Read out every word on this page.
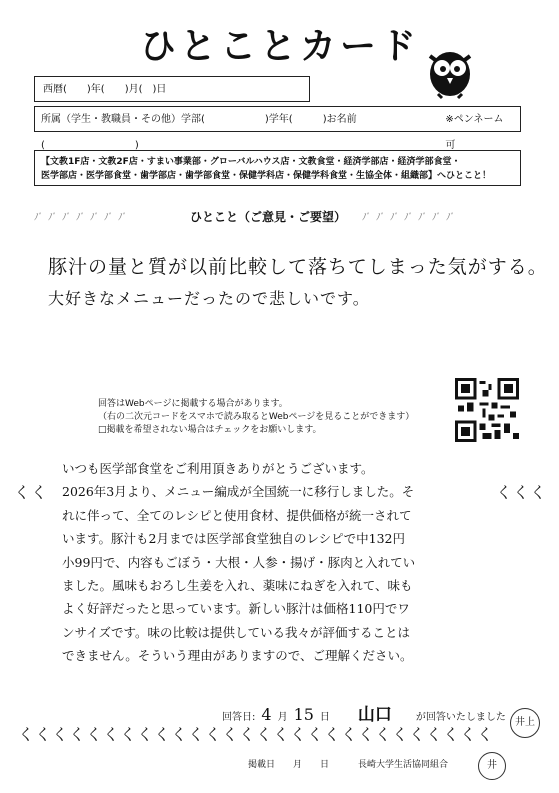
ひとことカード
西暦(　　)年(　　)月(　)日
所属（学生・教職員・その他）学部(　　　　　　)学年(　　　)お名前(　　　　　　　　　)
※ペンネーム可
【文教1F店・文教2F店・すまい事業部・グローバルハウス店・文教食堂・経済学部店・経済学部食堂・
医学部店・医学部食堂・歯学部店・歯学部食堂・保健学科店・保健学科食堂・生協全体・組織部】へひとこと！
ﾉﾞﾉﾞﾉﾞﾉﾞﾉﾞﾉﾞﾉﾞ	ひとこと（ご意見・ご要望） ﾉﾞﾉﾞﾉﾞﾉﾞﾉﾞﾉﾞﾉﾞ
豚汁の量と質が以前比較して落ちてしまった気がする。
大好きなメニューだったので悲しいです。
回答はWebページに掲載する場合があります。
（右の二次元コードをスマホで読み取るとWebページを見ることができます）
□掲載を希望されない場合はチェックをお願いします。
くく	くくく
いつも医学部食堂をご利用頂きありがとうございます。
2026年3月より、メニュー編成が全国統一に移行しました。そ
れに伴って、全てのレシピと使用食材、提供価格が統一されて
います。豚汁も2月までは医学部食堂独自のレシピで中132円
小99円で、内容もごぼう・大根・人参・揚げ・豚肉と入れてい
ました。風味もおろし生姜を入れ、薬味にねぎを入れて、味も
よく好評だったと思っています。新しい豚汁は価格110円でワ
ンサイズです。味の比較は提供している我々が評価することは
できません。そういう理由がありますので、ご理解ください。
回答日: 4 月 15 日 山口 が回答いたしました 井上
くくくくくくくくくくくくくくくくくくくくくくくくくくくく
掲載日　　月　　日	長崎大学生活協同組合	井
